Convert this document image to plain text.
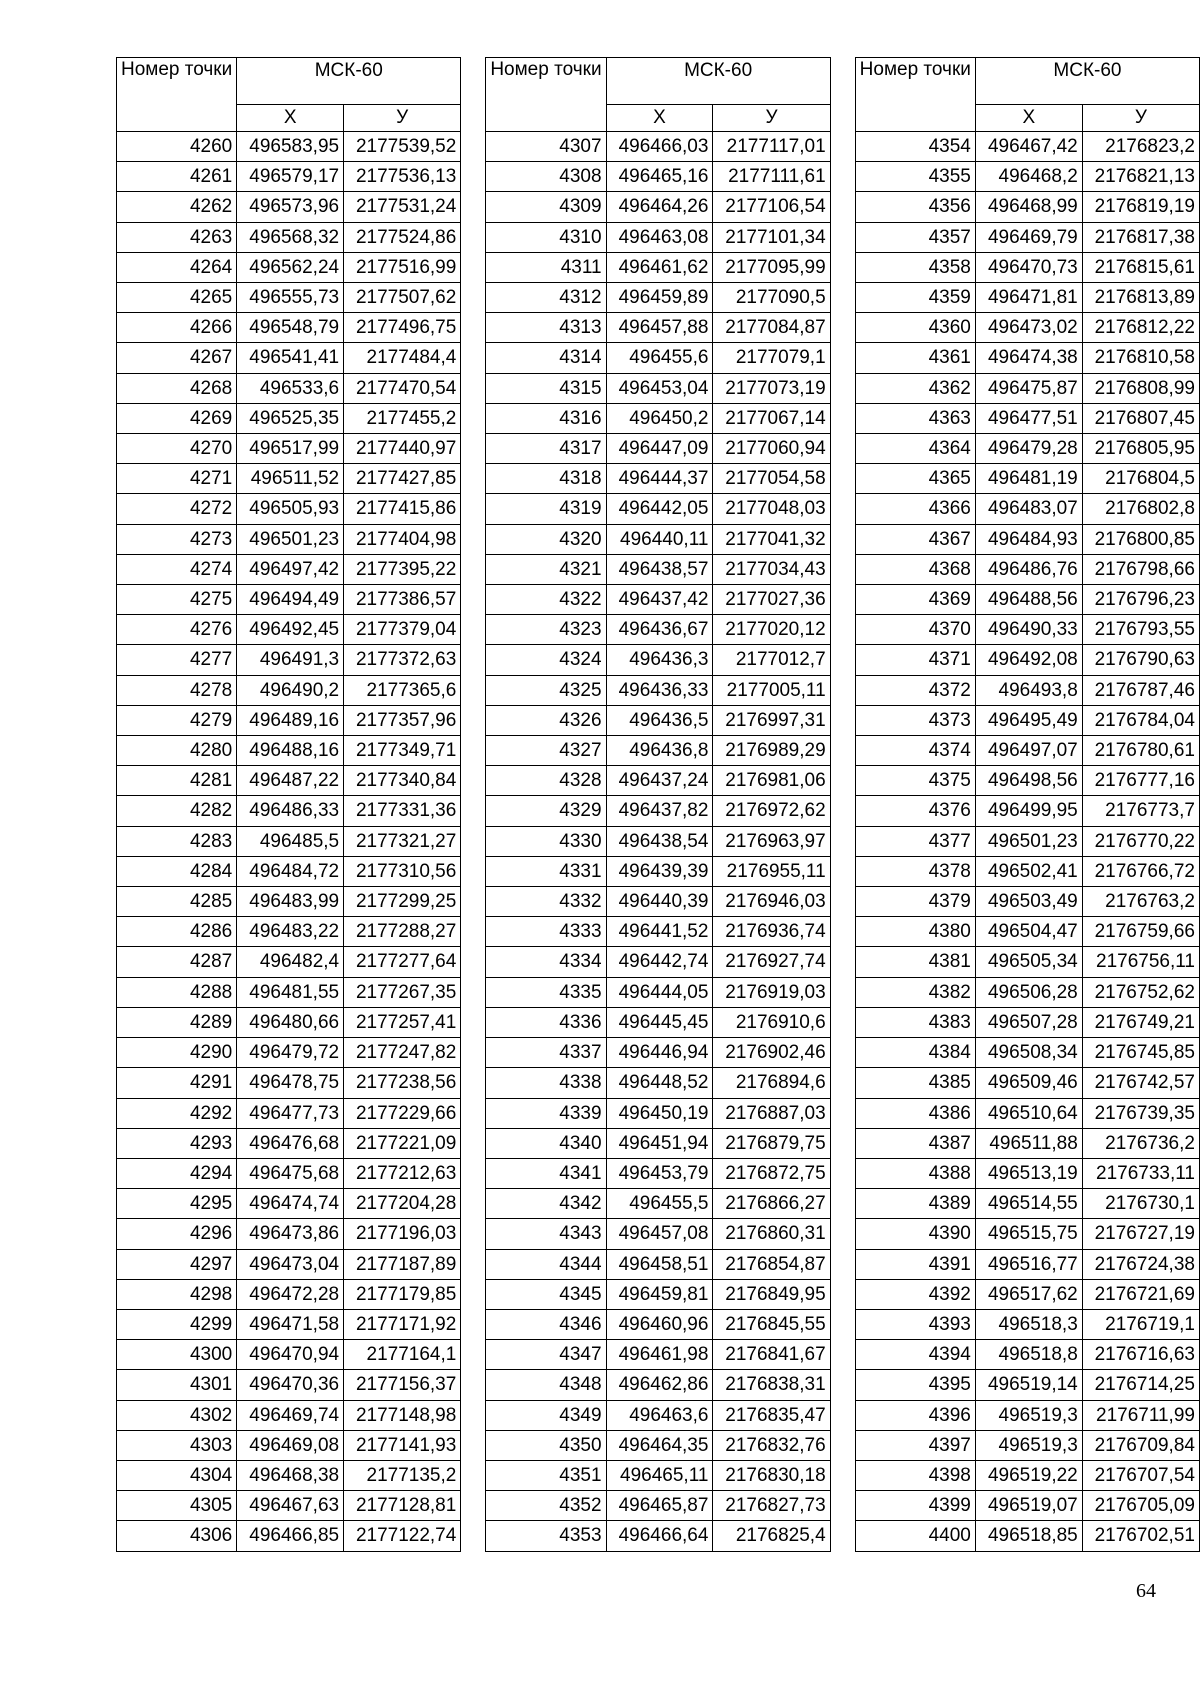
Номер точки	МСК-60	
	X	У
4260	496583,95	2177539,52
4261	496579,17	2177536,13
4262	496573,96	2177531,24
4263	496568,32	2177524,86
4264	496562,24	2177516,99
4265	496555,73	2177507,62
4266	496548,79	2177496,75
4267	496541,41	2177484,4
4268	496533,6	2177470,54
4269	496525,35	2177455,2
4270	496517,99	2177440,97
4271	496511,52	2177427,85
4272	496505,93	2177415,86
4273	496501,23	2177404,98
4274	496497,42	2177395,22
4275	496494,49	2177386,57
4276	496492,45	2177379,04
4277	496491,3	2177372,63
4278	496490,2	2177365,6
4279	496489,16	2177357,96
4280	496488,16	2177349,71
4281	496487,22	2177340,84
4282	496486,33	2177331,36
4283	496485,5	2177321,27
4284	496484,72	2177310,56
4285	496483,99	2177299,25
4286	496483,22	2177288,27
4287	496482,4	2177277,64
4288	496481,55	2177267,35
4289	496480,66	2177257,41
4290	496479,72	2177247,82
4291	496478,75	2177238,56
4292	496477,73	2177229,66
4293	496476,68	2177221,09
4294	496475,68	2177212,63
4295	496474,74	2177204,28
4296	496473,86	2177196,03
4297	496473,04	2177187,89
4298	496472,28	2177179,85
4299	496471,58	2177171,92
4300	496470,94	2177164,1
4301	496470,36	2177156,37
4302	496469,74	2177148,98
4303	496469,08	2177141,93
4304	496468,38	2177135,2
4305	496467,63	2177128,81
4306	496466,85	2177122,74
Номер точки	МСК-60	
	X	У
4307	496466,03	2177117,01
4308	496465,16	2177111,61
4309	496464,26	2177106,54
4310	496463,08	2177101,34
4311	496461,62	2177095,99
4312	496459,89	2177090,5
4313	496457,88	2177084,87
4314	496455,6	2177079,1
4315	496453,04	2177073,19
4316	496450,2	2177067,14
4317	496447,09	2177060,94
4318	496444,37	2177054,58
4319	496442,05	2177048,03
4320	496440,11	2177041,32
4321	496438,57	2177034,43
4322	496437,42	2177027,36
4323	496436,67	2177020,12
4324	496436,3	2177012,7
4325	496436,33	2177005,11
4326	496436,5	2176997,31
4327	496436,8	2176989,29
4328	496437,24	2176981,06
4329	496437,82	2176972,62
4330	496438,54	2176963,97
4331	496439,39	2176955,11
4332	496440,39	2176946,03
4333	496441,52	2176936,74
4334	496442,74	2176927,74
4335	496444,05	2176919,03
4336	496445,45	2176910,6
4337	496446,94	2176902,46
4338	496448,52	2176894,6
4339	496450,19	2176887,03
4340	496451,94	2176879,75
4341	496453,79	2176872,75
4342	496455,5	2176866,27
4343	496457,08	2176860,31
4344	496458,51	2176854,87
4345	496459,81	2176849,95
4346	496460,96	2176845,55
4347	496461,98	2176841,67
4348	496462,86	2176838,31
4349	496463,6	2176835,47
4350	496464,35	2176832,76
4351	496465,11	2176830,18
4352	496465,87	2176827,73
4353	496466,64	2176825,4
Номер точки	МСК-60	
	X	У
4354	496467,42	2176823,2
4355	496468,2	2176821,13
4356	496468,99	2176819,19
4357	496469,79	2176817,38
4358	496470,73	2176815,61
4359	496471,81	2176813,89
4360	496473,02	2176812,22
4361	496474,38	2176810,58
4362	496475,87	2176808,99
4363	496477,51	2176807,45
4364	496479,28	2176805,95
4365	496481,19	2176804,5
4366	496483,07	2176802,8
4367	496484,93	2176800,85
4368	496486,76	2176798,66
4369	496488,56	2176796,23
4370	496490,33	2176793,55
4371	496492,08	2176790,63
4372	496493,8	2176787,46
4373	496495,49	2176784,04
4374	496497,07	2176780,61
4375	496498,56	2176777,16
4376	496499,95	2176773,7
4377	496501,23	2176770,22
4378	496502,41	2176766,72
4379	496503,49	2176763,2
4380	496504,47	2176759,66
4381	496505,34	2176756,11
4382	496506,28	2176752,62
4383	496507,28	2176749,21
4384	496508,34	2176745,85
4385	496509,46	2176742,57
4386	496510,64	2176739,35
4387	496511,88	2176736,2
4388	496513,19	2176733,11
4389	496514,55	2176730,1
4390	496515,75	2176727,19
4391	496516,77	2176724,38
4392	496517,62	2176721,69
4393	496518,3	2176719,1
4394	496518,8	2176716,63
4395	496519,14	2176714,25
4396	496519,3	2176711,99
4397	496519,3	2176709,84
4398	496519,22	2176707,54
4399	496519,07	2176705,09
4400	496518,85	2176702,51
64
